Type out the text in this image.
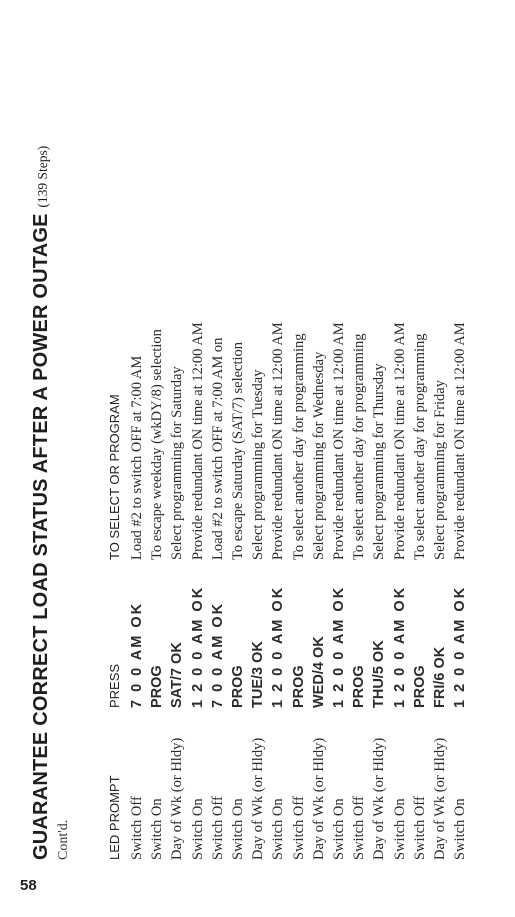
58
GUARANTEE CORRECT LOAD STATUS AFTER A POWER OUTAGE (139 Steps)
Cont'd.	LED PROMPT	PRESS	TO SELECT OR PROGRAM
Switch Off	7 0 0 AM OK	Load #2 to switch OFF at 7:00 AM
Switch On	PROG	To escape weekday (wkDY/8) selection
Day of Wk (or Hldy)	SAT/7 OK	Select programming for Saturday
Switch On	1 2 0 0 AM OK	Provide redundant ON time at 12:00 AM
Switch Off	7 0 0 AM OK	Load #2 to switch OFF at 7:00 AM on
Switch On	PROG	To escape Saturday (SAT/7) selection
Day of Wk (or Hldy)	TUE/3 OK	Select programming for Tuesday
Switch On	1 2 0 0 AM OK	Provide redundant ON time at 12:00 AM
Switch Off	PROG	To select another day for programming
Day of Wk (or Hldy)	WED/4 OK	Select programming for Wednesday
Switch On	1 2 0 0 AM OK	Provide redundant ON time at 12:00 AM
Switch Off	PROG	To select another day for programming
Day of Wk (or Hldy)	THU/5 OK	Select programming for Thursday
Switch On	1 2 0 0 AM OK	Provide redundant ON time at 12:00 AM
Switch Off	PROG	To select another day for programming
Day of Wk (or Hldy)	FRI/6 OK	Select programming for Friday
Switch On	1 2 0 0 AM OK	Provide redundant ON time at 12:00 AM
